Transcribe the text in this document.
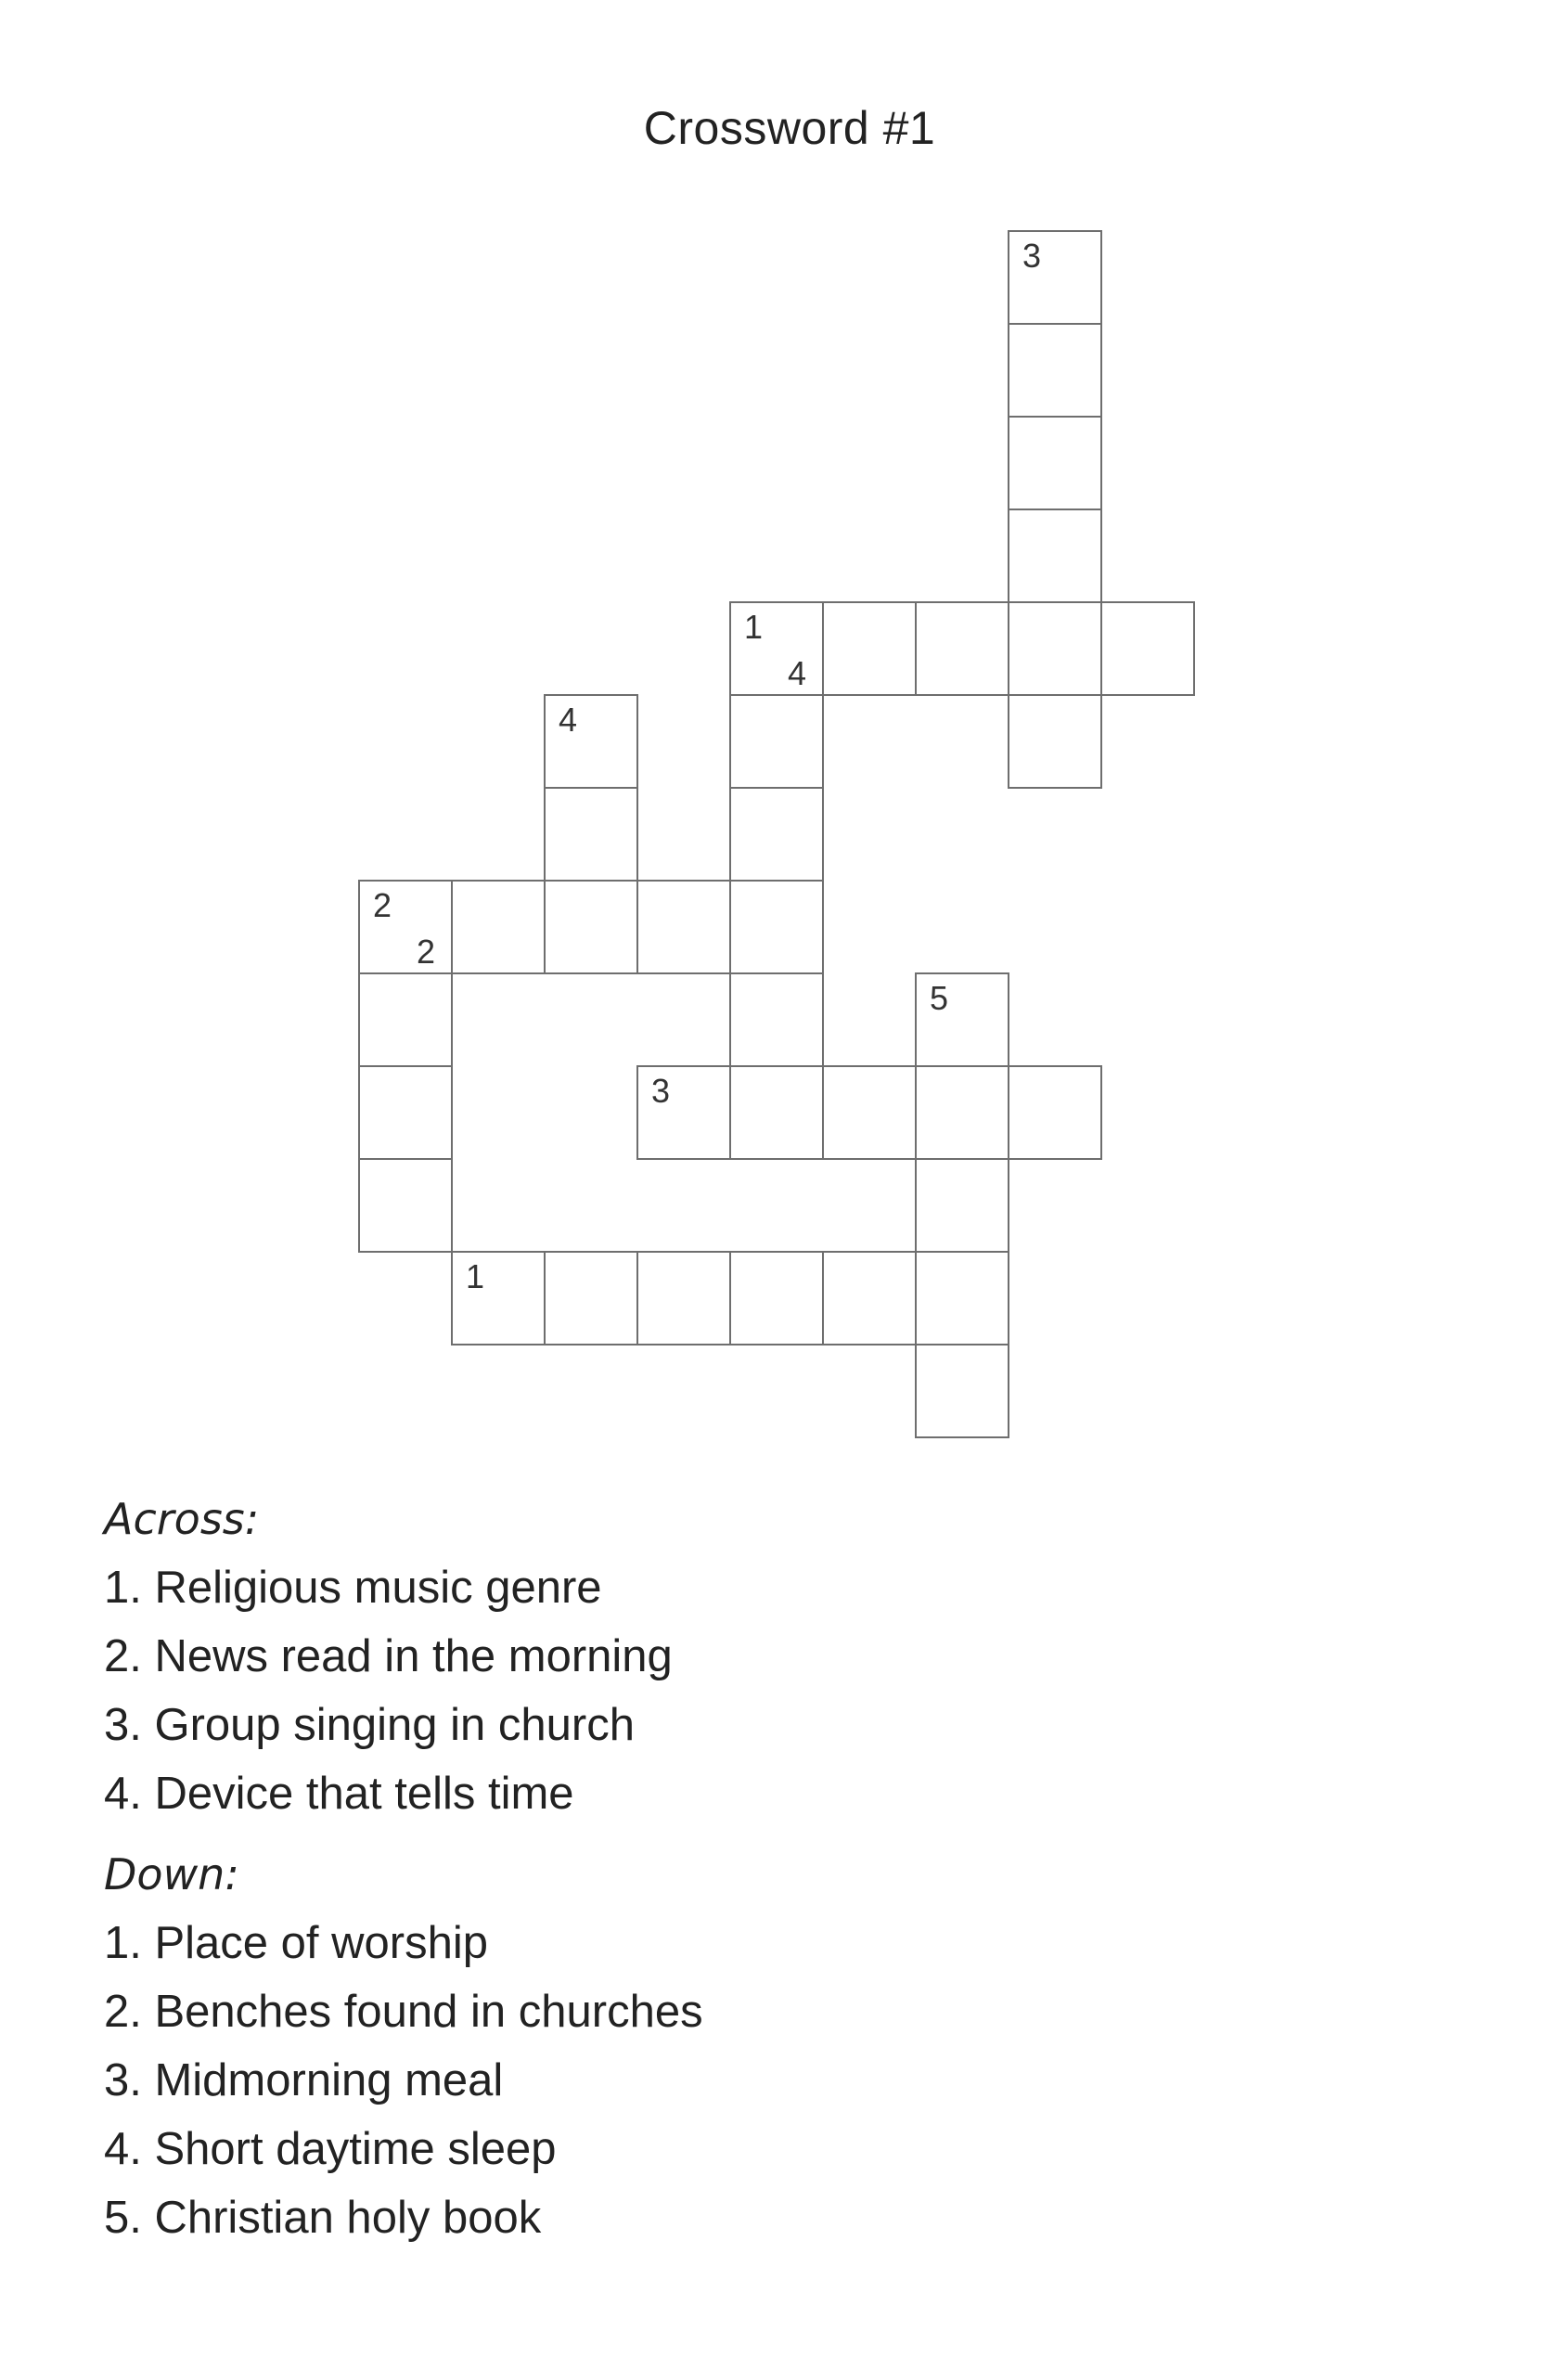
Crossword #1
3
1
4
4
2
2
5
3
1
Across:
1. Religious music genre
2. News read in the morning
3. Group singing in church
4. Device that tells time
Down:
1. Place of worship
2. Benches found in churches
3. Midmorning meal
4. Short daytime sleep
5. Christian holy book
